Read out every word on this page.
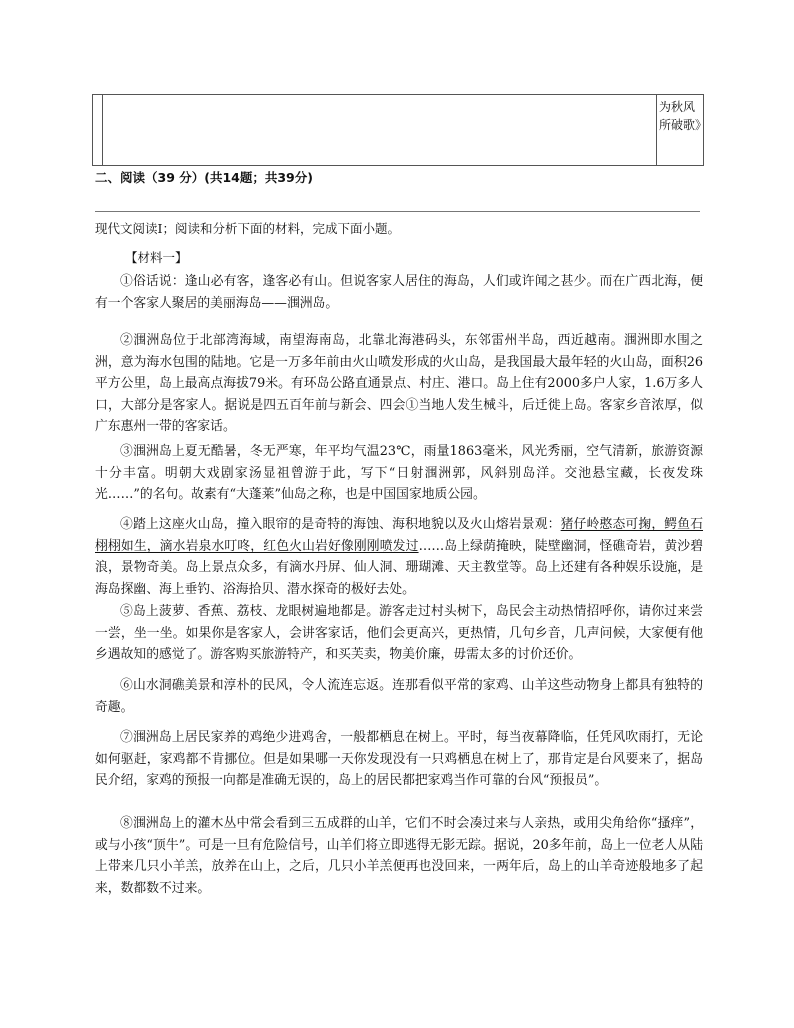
为秋风所破歌》
二、阅读（39 分）(共14题；共39分)
现代文阅读Ⅰ；阅读和分析下面的材料，完成下面小题。
【材料一】

①俗话说：逢山必有客，逢客必有山。但说客家人居住的海岛，人们或许闻之甚少。而在广西北海，便有一个客家人聚居的美丽海岛——涠洲岛。

②涠洲岛位于北部湾海域，南望海南岛，北靠北海港码头，东邻雷州半岛，西近越南。涠洲即水围之洲，意为海水包围的陆地。它是一万多年前由火山喷发形成的火山岛，是我国最大最年轻的火山岛，面积26平方公里，岛上最高点海拔79米。有环岛公路直通景点、村庄、港口。岛上住有2000多户人家，1.6万多人口，大部分是客家人。据说是四五百年前与新会、四会①当地人发生械斗，后迁徙上岛。客家乡音浓厚，似广东惠州一带的客家话。

③涠洲岛上夏无酷暑，冬无严寒，年平均气温23℃，雨量1863毫米，风光秀丽，空气清新，旅游资源十分丰富。明朝大戏剧家汤显祖曾游于此，写下“日射涠洲郭，风斜别岛洋。交池悬宝藏，长夜发珠光……”的名句。故素有“大蓬莱”仙岛之称，也是中国国家地质公园。

④踏上这座火山岛，撞入眼帘的是奇特的海蚀、海积地貌以及火山熔岩景观：猪仔岭憨态可掬，鳄鱼石栩栩如生，滴水岩泉水叮咚，红色火山岩好像刚刚喷发过……岛上绿荫掩映，陡壁幽洞，怪礁奇岩，黄沙碧浪，景物奇美。岛上景点众多，有滴水丹屏、仙人洞、珊瑚滩、天主教堂等。岛上还建有各种娱乐设施，是海岛探幽、海上垂钓、浴海拾贝、潜水探奇的极好去处。

⑤岛上菠萝、香蕉、荔枝、龙眼树遍地都是。游客走过村头树下，岛民会主动热情招呼你，请你过来尝一尝，坐一坐。如果你是客家人，会讲客家话，他们会更高兴，更热情，几句乡音，几声问候，大家便有他乡遇故知的感觉了。游客购买旅游特产，和买芙卖，物美价廉，毋需太多的讨价还价。

⑥山水洞礁美景和淳朴的民风，令人流连忘返。连那看似平常的家鸡、山羊这些动物身上都具有独特的奇趣。

⑦涠洲岛上居民家养的鸡绝少进鸡舍，一般都栖息在树上。平时，每当夜幕降临，任凭风吹雨打，无论如何驱赶，家鸡都不肯挪位。但是如果哪一天你发现没有一只鸡栖息在树上了，那肯定是台风要来了，据岛民介绍，家鸡的预报一向都是准确无误的，岛上的居民都把家鸡当作可靠的台风“预报员”。

⑧涠洲岛上的灌木丛中常会看到三五成群的山羊，它们不时会凑过来与人亲热，或用尖角给你“搔痒”，或与小孩“顶牛”。可是一旦有危险信号，山羊们将立即逃得无影无踪。据说，20多年前，岛上一位老人从陆上带来几只小羊羔，放养在山上，之后，几只小羊羔便再也没回来，一两年后，岛上的山羊奇迹般地多了起来，数都数不过来。
